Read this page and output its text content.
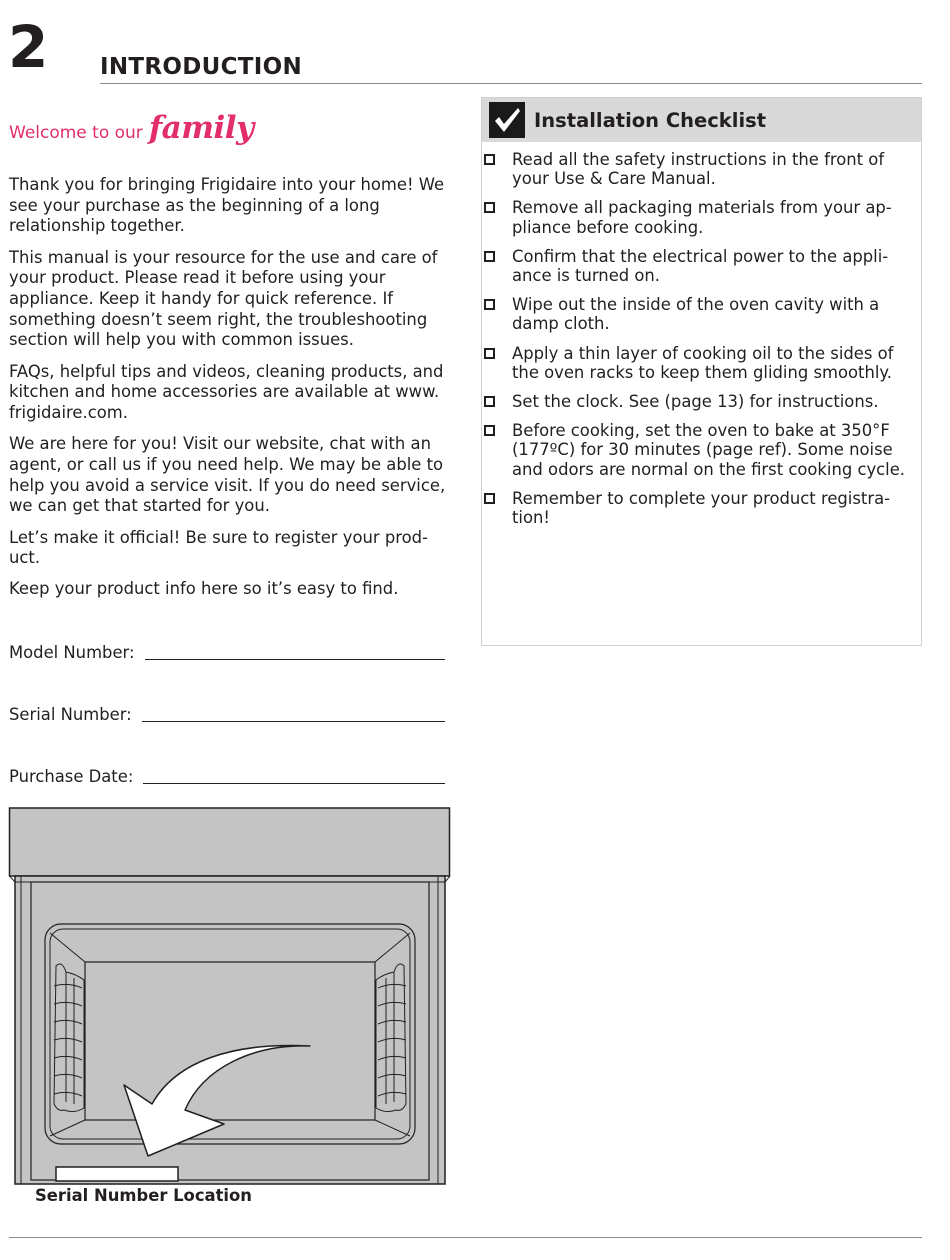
2 INTRODUCTION
Welcome to our family

Thank you for bringing Frigidaire into your home! We see your purchase as the beginning of a long relationship together.

This manual is your resource for the use and care of your product. Please read it before using your appliance. Keep it handy for quick reference. If something doesn’t seem right, the troubleshooting section will help you with common issues.

FAQs, helpful tips and videos, cleaning products, and kitchen and home accessories are available at www. frigidaire.com.

We are here for you! Visit our website, chat with an agent, or call us if you need help. We may be able to help you avoid a service visit. If you do need service, we can get that started for you.

Let’s make it official! Be sure to register your prod- uct.

Keep your product info here so it’s easy to find.

Model Number:
Serial Number:
Purchase Date:
Serial Number Location
Installation Checklist
Read all the safety instructions in the front of your Use & Care Manual.
Remove all packaging materials from your ap- pliance before cooking.
Confirm that the electrical power to the appli- ance is turned on.
Wipe out the inside of the oven cavity with a damp cloth.
Apply a thin layer of cooking oil to the sides of the oven racks to keep them gliding smoothly.
Set the clock. See (page 13) for instructions.
Before cooking, set the oven to bake at 350°F (177ºC) for 30 minutes (page ref). Some noise and odors are normal on the first cooking cycle.
Remember to complete your product registra- tion!
